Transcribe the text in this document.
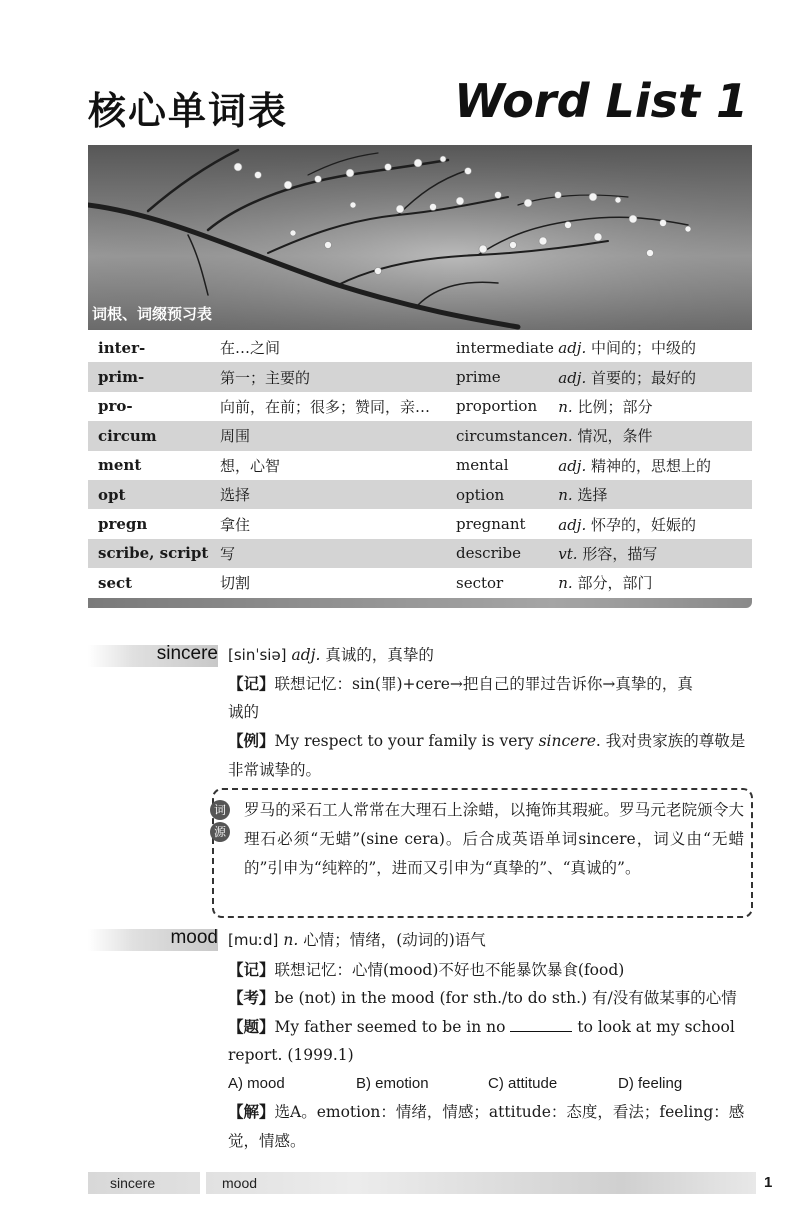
核心单词表	Word List 1
词根、词缀预习表
inter-	在…之间	intermediate	adj. 中间的；中级的
prim-	第一；主要的	prime	adj. 首要的；最好的
pro-	向前，在前；很多；赞同，亲…	proportion	n. 比例；部分
circum	周围	circumstance	n. 情况，条件
ment	想，心智	mental	adj. 精神的，思想上的
opt	选择	option	n. 选择
pregn	拿住	pregnant	adj. 怀孕的，妊娠的
scribe, script	写	describe	vt. 形容，描写
sect	切割	sector	n. 部分，部门
sincere [sinˈsiə] adj. 真诚的，真挚的
【记】联想记忆：sin(罪)+cere→把自己的罪过告诉你→真挚的，真
诚的
【例】My respect to your family is very sincere. 我对贵家族的尊敬是
非常诚挚的。
词
源
罗马的采石工人常常在大理石上涂蜡，以掩饰其瑕疵。罗马元老院颁令大理石必须“无蜡”(sine cera)。后合成英语单词sincere，词义由“无蜡的”引申为“纯粹的”，进而又引申为“真挚的”、“真诚的”。
mood [muːd] n. 心情；情绪，(动词的)语气
【记】联想记忆：心情(mood)不好也不能暴饮暴食(food)
【考】be (not) in the mood (for sth./to do sth.) 有/没有做某事的心情
【题】My father seemed to be in no	to look at my school
report. (1999.1)
A) mood	B) emotion	C) attitude	D) feeling
【解】选A。emotion：情绪，情感；attitude：态度，看法；feeling：感
觉，情感。
sincere	mood	1
